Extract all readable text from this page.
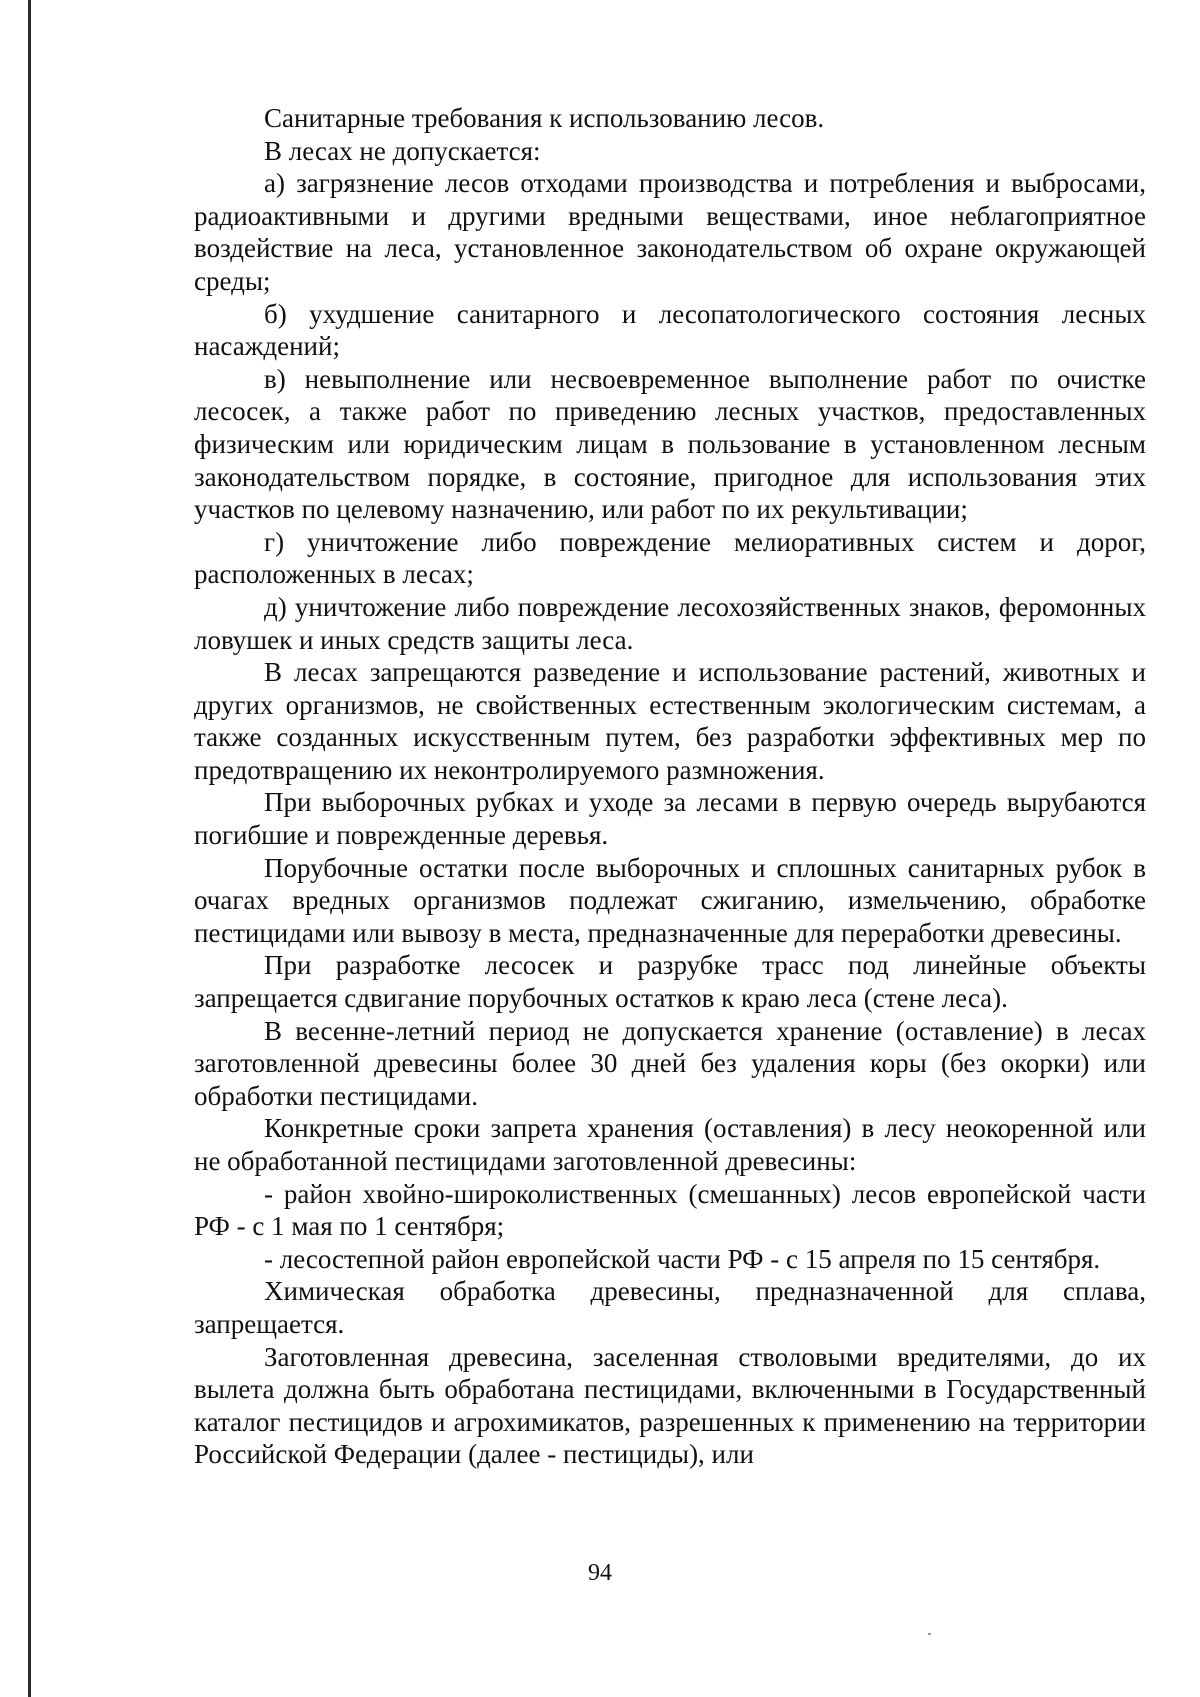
Санитарные требования к использованию лесов.

В лесах не допускается:

а) загрязнение лесов отходами производства и потребления и выбросами, радиоактивными и другими вредными веществами, иное неблагоприятное воздействие на леса, установленное законодательством об охране окружающей среды;

б) ухудшение санитарного и лесопатологического состояния лесных насаждений;

в) невыполнение или несвоевременное выполнение работ по очистке лесосек, а также работ по приведению лесных участков, предоставленных физическим или юридическим лицам в пользование в установленном лесным законодательством порядке, в состояние, пригодное для использования этих участков по целевому назначению, или работ по их рекультивации;

г) уничтожение либо повреждение мелиоративных систем и дорог, расположенных в лесах;

д) уничтожение либо повреждение лесохозяйственных знаков, феромонных ловушек и иных средств защиты леса.

В лесах запрещаются разведение и использование растений, животных и других организмов, не свойственных естественным экологическим системам, а также созданных искусственным путем, без разработки эффективных мер по предотвращению их неконтролируемого размножения.

При выборочных рубках и уходе за лесами в первую очередь вырубаются погибшие и поврежденные деревья.

Порубочные остатки после выборочных и сплошных санитарных рубок в очагах вредных организмов подлежат сжиганию, измельчению, обработке пестицидами или вывозу в места, предназначенные для переработки древесины.

При разработке лесосек и разрубке трасс под линейные объекты запрещается сдвигание порубочных остатков к краю леса (стене леса).

В весенне-летний период не допускается хранение (оставление) в лесах заготовленной древесины более 30 дней без удаления коры (без окорки) или обработки пестицидами.

Конкретные сроки запрета хранения (оставления) в лесу неокоренной или не обработанной пестицидами заготовленной древесины:

- район хвойно-широколиственных (смешанных) лесов европейской части РФ - с 1 мая по 1 сентября;

- лесостепной район европейской части РФ - с 15 апреля по 15 сентября.

Химическая обработка древесины, предназначенной для сплава, запрещается.

Заготовленная древесина, заселенная стволовыми вредителями, до их вылета должна быть обработана пестицидами, включенными в Государственный каталог пестицидов и агрохимикатов, разрешенных к применению на территории Российской Федерации (далее - пестициды), или

94
